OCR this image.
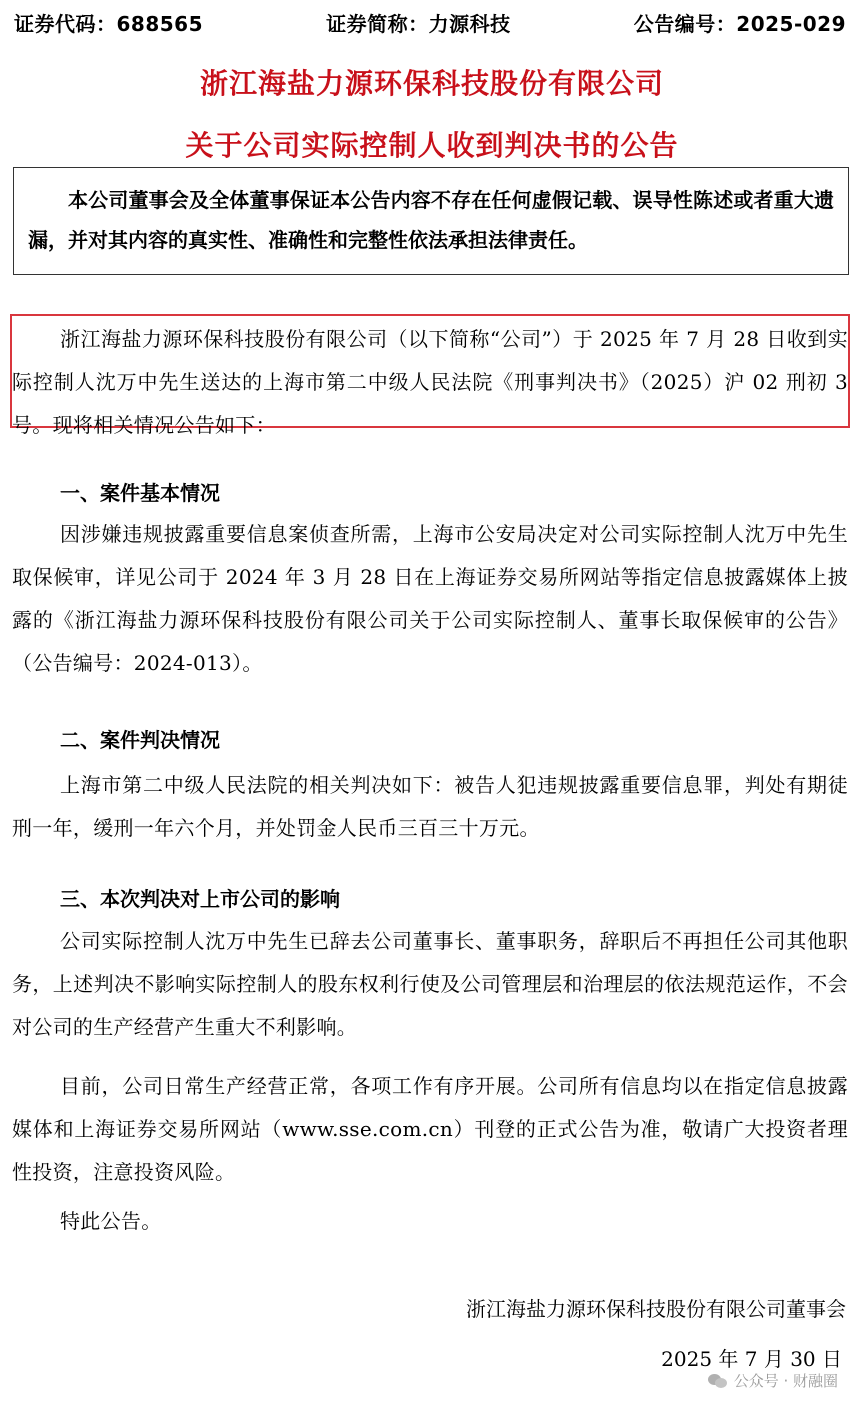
证券代码：688565	证券简称：力源科技	公告编号：2025-029
浙江海盐力源环保科技股份有限公司
关于公司实际控制人收到判决书的公告
本公司董事会及全体董事保证本公告内容不存在任何虚假记载、误导性陈述或者重大遗漏，并对其内容的真实性、准确性和完整性依法承担法律责任。
浙江海盐力源环保科技股份有限公司（以下简称“公司”）于 2025 年 7 月 28 日收到实际控制人沈万中先生送达的上海市第二中级人民法院《刑事判决书》（2025）沪 02 刑初 3 号。现将相关情况公告如下：
一、案件基本情况
因涉嫌违规披露重要信息案侦查所需，上海市公安局决定对公司实际控制人沈万中先生取保候审，详见公司于 2024 年 3 月 28 日在上海证券交易所网站等指定信息披露媒体上披露的《浙江海盐力源环保科技股份有限公司关于公司实际控制人、董事长取保候审的公告》（公告编号：2024-013）。
二、案件判决情况
上海市第二中级人民法院的相关判决如下：被告人犯违规披露重要信息罪，判处有期徒刑一年，缓刑一年六个月，并处罚金人民币三百三十万元。
三、本次判决对上市公司的影响
公司实际控制人沈万中先生已辞去公司董事长、董事职务，辞职后不再担任公司其他职务，上述判决不影响实际控制人的股东权利行使及公司管理层和治理层的依法规范运作，不会对公司的生产经营产生重大不利影响。
目前，公司日常生产经营正常，各项工作有序开展。公司所有信息均以在指定信息披露媒体和上海证券交易所网站（www.sse.com.cn）刊登的正式公告为准，敬请广大投资者理性投资，注意投资风险。
特此公告。
浙江海盐力源环保科技股份有限公司董事会
2025 年 7 月 30 日
公众号 · 财融圈
